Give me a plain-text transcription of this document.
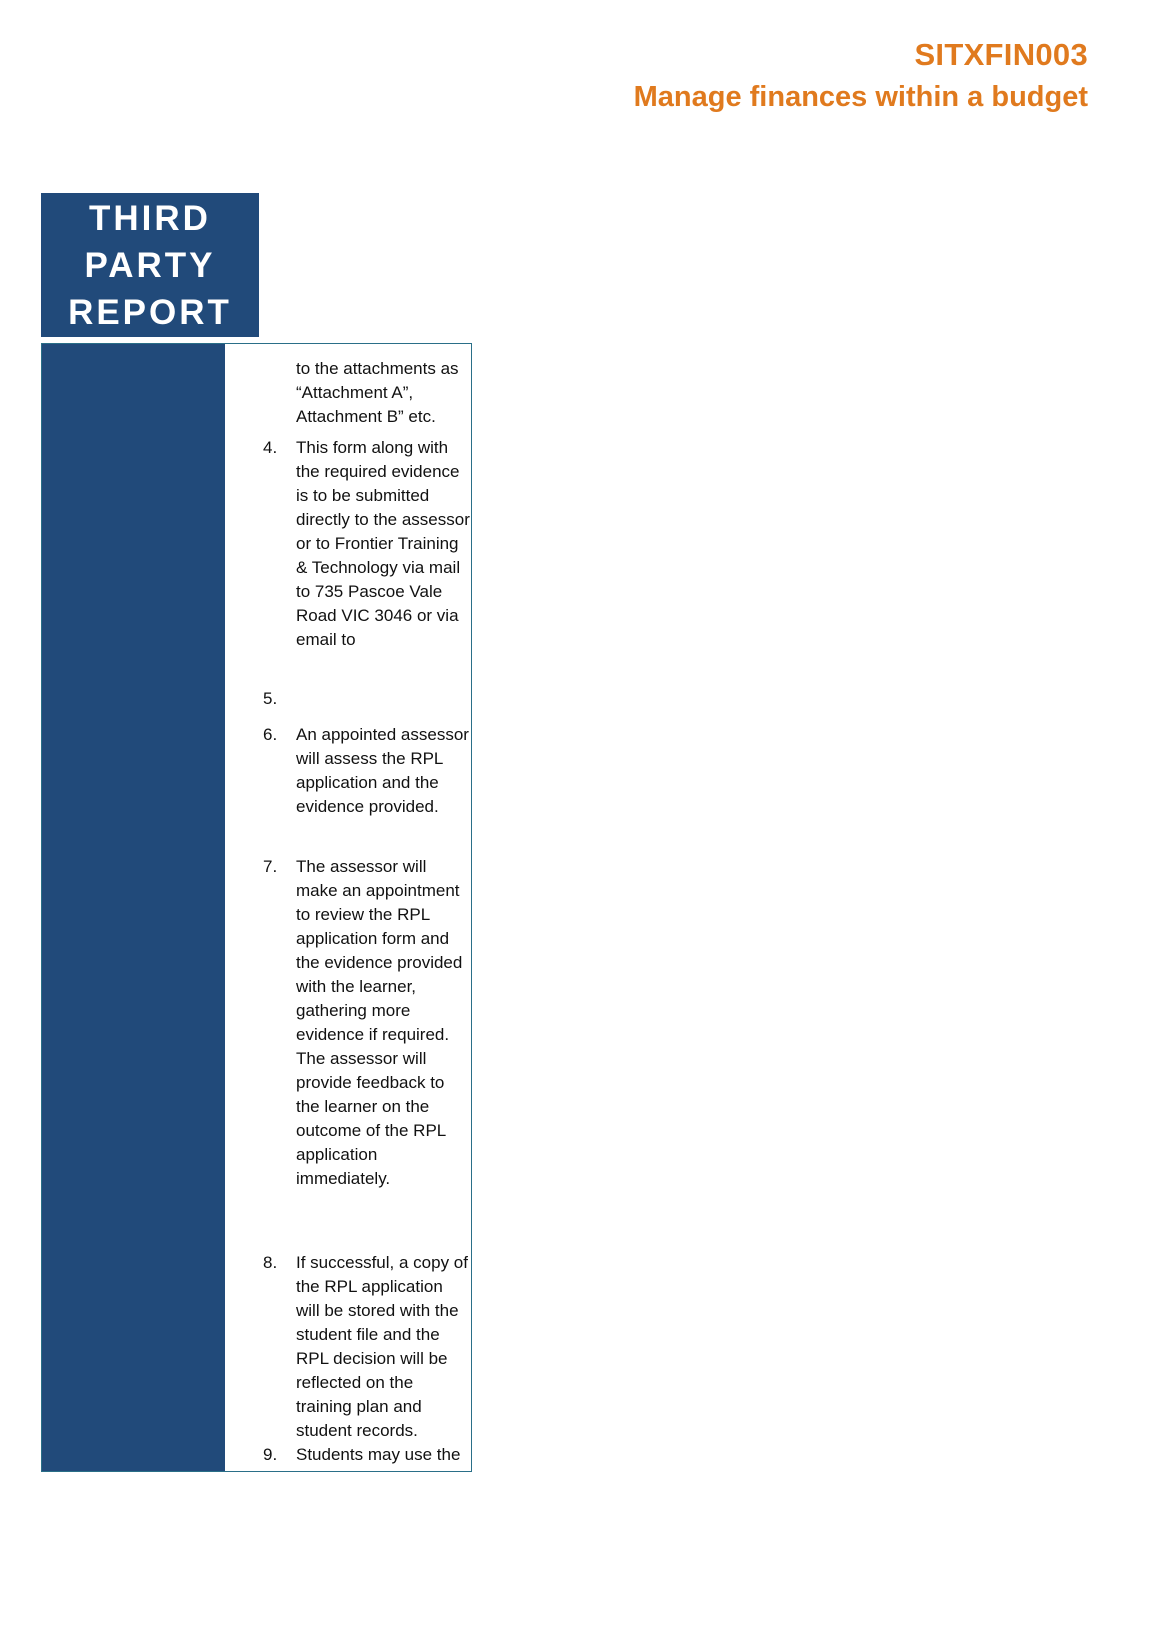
SITXFIN003
Manage finances within a budget
THIRD
PARTY
REPORT
to the attachments as “Attachment A”, Attachment B” etc.
4. This form along with the required evidence is to be submitted directly to the assessor or to Frontier Training & Technology via mail to 735 Pascoe Vale Road VIC 3046 or via email to
5.
6. An appointed assessor will assess the RPL application and the evidence provided.
7. The assessor will make an appointment to review the RPL application form and the evidence provided with the learner, gathering more evidence if required. The assessor will provide feedback to the learner on the outcome of the RPL application immediately.
8. If successful, a copy of the RPL application will be stored with the student file and the RPL decision will be reflected on the training plan and student records.
9. Students may use the
